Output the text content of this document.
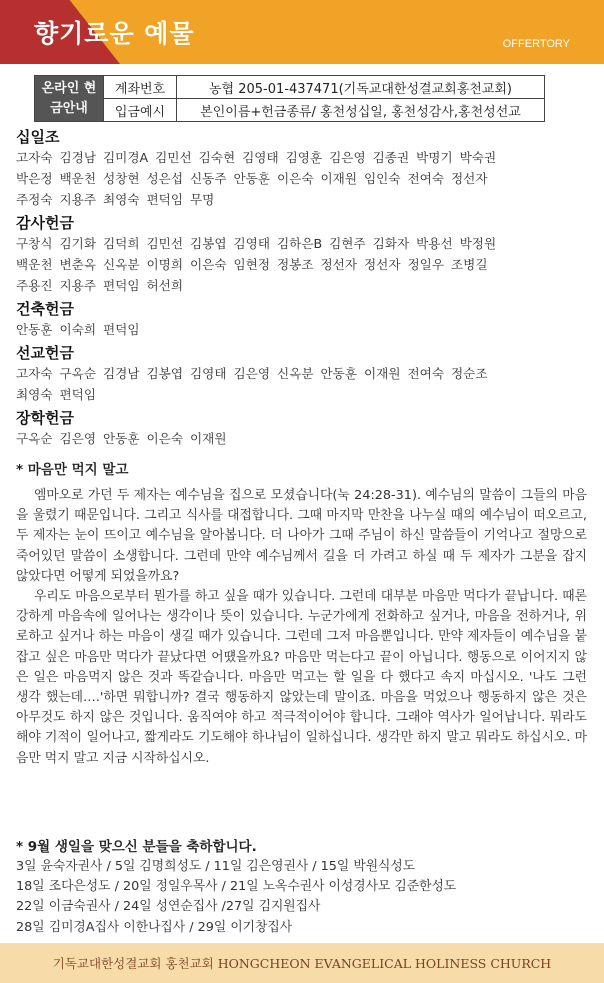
향기로운 예물	OFFERTORY
온라인 현금안내	계좌번호	농협 205-01-437471(기독교대한성결교회홍천교회)
	입금예시	본인이름+헌금종류/ 홍천성십일, 홍천성감사,홍천성선교

십일조

고자숙 김경남 김미경A 김민선 김숙현 김영태 김영훈 김은영 김종권 박명기 박숙권

박은정 백운천 성창현 성은섭 신동주 안동훈 이은숙 이재원 임인숙 전여숙 정선자

주정숙 지용주 최영숙 편덕임 무명

감사헌금

구창식 김기화 김덕희 김민선 김봉엽 김영태 김하은B 김현주 김화자 박용선 박정원

백운천 변춘옥 신옥분 이명희 이은숙 임현정 정봉조 정선자 정선자 정일우 조병길

주용진 지용주 편덕임 허선희

건축헌금

안동훈 이숙희 편덕임

선교헌금

고자숙 구옥순 김경남 김봉엽 김영태 김은영 신옥분 안동훈 이재원 전여숙 정순조

최영숙 편덕임

장학헌금

구옥순 김은영 안동훈 이은숙 이재원

* 마음만 먹지 말고

엠마오로 가던 두 제자는 예수님을 집으로 모셨습니다(눅 24:28-31). 예수님의 말씀이 그들의 마음을 울렸기 때문입니다. 그리고 식사를 대접합니다. 그때 마지막 만찬을 나누실 때의 예수님이 떠오르고, 두 제자는 눈이 뜨이고 예수님을 알아봅니다. 더 나아가 그때 주님이 하신 말씀들이 기억나고 절망으로 죽어있던 말씀이 소생합니다. 그런데 만약 예수님께서 길을 더 가려고 하실 때 두 제자가 그분을 잡지 않았다면 어떻게 되었을까요?

우리도 마음으로부터 뭔가를 하고 싶을 때가 있습니다. 그런데 대부분 마음만 먹다가 끝납니다. 때론 강하게 마음속에 일어나는 생각이나 뜻이 있습니다. 누군가에게 전화하고 싶거나, 마음을 전하거나, 위로하고 싶거나 하는 마음이 생길 때가 있습니다. 그런데 그저 마음뿐입니다. 만약 제자들이 예수님을 붙잡고 싶은 마음만 먹다가 끝났다면 어떘을까요? 마음만 먹는다고 끝이 아닙니다. 행동으로 이어지지 않은 일은 마음먹지 않은 것과 똑같습니다. 마음만 먹고는 할 일을 다 했다고 속지 마십시오. '나도 그런 생각 했는데….'하면 뭐합니까? 결국 행동하지 않았는데 말이죠. 마음을 먹었으나 행동하지 않은 것은 아무것도 하지 않은 것입니다. 움직여야 하고 적극적이어야 합니다. 그래야 역사가 일어납니다. 뭐라도 해야 기적이 일어나고, 짧게라도 기도해야 하나님이 일하십니다. 생각만 하지 말고 뭐라도 하십시오. 마음만 먹지 말고 지금 시작하십시오.

* 9월 생일을 맞으신 분들을 축하합니다.

3일 윤숙자권사 / 5일 김명희성도 / 11일 김은영권사 / 15일 박원식성도

18일 조다은성도 / 20일 정일우목사 / 21일 노옥수권사 이성경사모 김준한성도

22일 이금숙권사 / 24일 성연순집사 /27일 김지원집사

28일 김미경A집사 이한나집사 / 29일 이기창집사

기독교대한성결교회 홍천교회 HONGCHEON EVANGELICAL HOLINESS CHURCH
